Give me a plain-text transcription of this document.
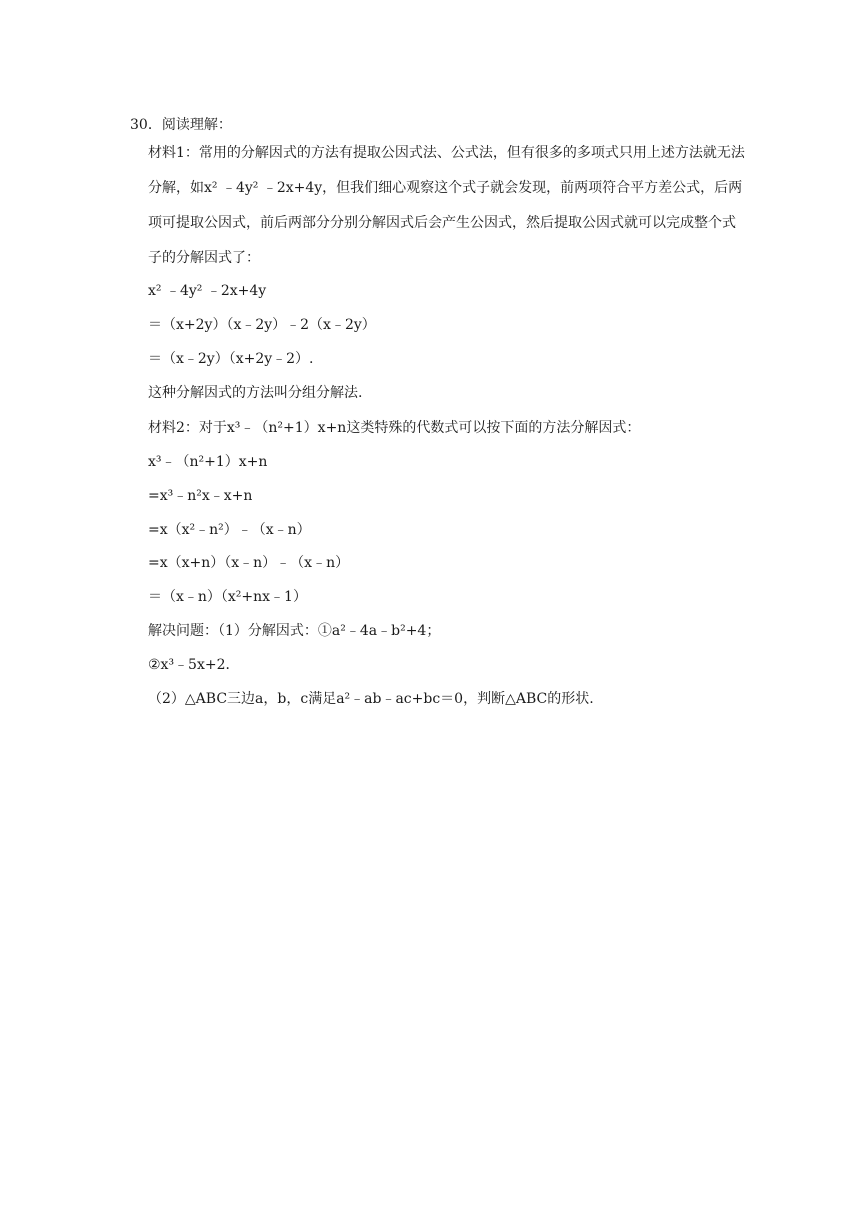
30．阅读理解：
材料1：常用的分解因式的方法有提取公因式法、公式法，但有很多的多项式只用上述方法就无法分解，如x² ﹣4y² ﹣2x+4y，但我们细心观察这个式子就会发现，前两项符合平方差公式，后两项可提取公因式，前后两部分分别分解因式后会产生公因式，然后提取公因式就可以完成整个式子的分解因式了：
x² ﹣4y² ﹣2x+4y
＝（x+2y）（x﹣2y）﹣2（x﹣2y）
＝（x﹣2y）（x+2y﹣2）.
这种分解因式的方法叫分组分解法.
材料2：对于x³﹣（n²+1）x+n这类特殊的代数式可以按下面的方法分解因式：
x³﹣（n²+1）x+n
=x³﹣n²x﹣x+n
=x（x²﹣n²）﹣（x﹣n）
=x（x+n）（x﹣n）﹣（x﹣n）
＝（x﹣n）（x²+nx﹣1）
解决问题：（1）分解因式：①a²﹣4a﹣b²+4；
②x³﹣5x+2．
（2）△ABC三边a，b，c满足a²﹣ab﹣ac+bc＝0，判断△ABC的形状.
